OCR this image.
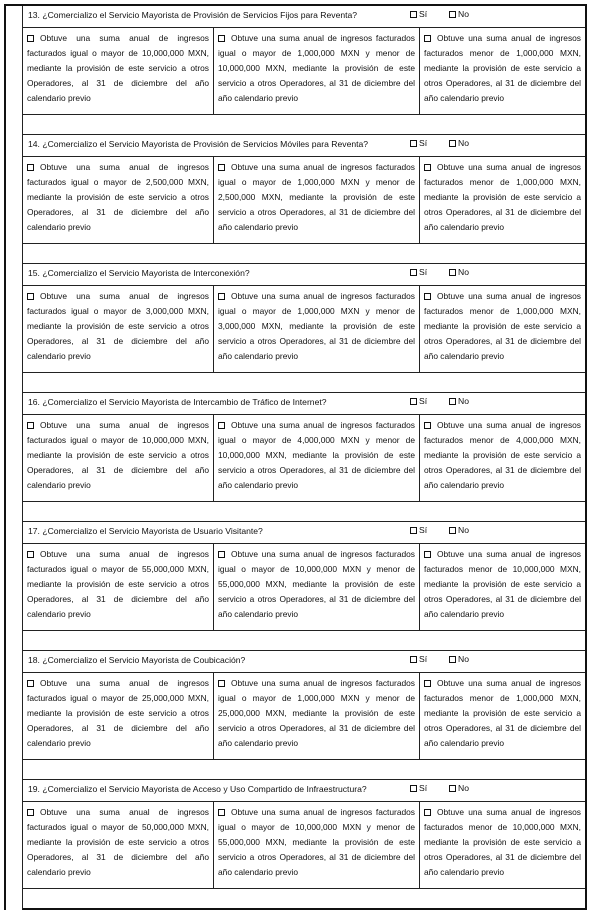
13. ¿Comercializo el Servicio Mayorista de Provisión de Servicios Fijos para Reventa?	Sí	No
Obtuve una suma anual de ingresos facturados igual o mayor de 10,000,000 MXN, mediante la provisión de este servicio a otros Operadores, al 31 de diciembre del año calendario previo
Obtuve una suma anual de ingresos facturados igual o mayor de 1,000,000 MXN y menor de 10,000,000 MXN, mediante la provisión de este servicio a otros Operadores, al 31 de diciembre del año calendario previo
Obtuve una suma anual de ingresos facturados menor de 1,000,000 MXN, mediante la provisión de este servicio a otros Operadores, al 31 de diciembre del año calendario previo
14. ¿Comercializo el Servicio Mayorista de Provisión de Servicios Móviles para Reventa?	Sí	No
Obtuve una suma anual de ingresos facturados igual o mayor de 2,500,000 MXN, mediante la provisión de este servicio a otros Operadores, al 31 de diciembre del año calendario previo
Obtuve una suma anual de ingresos facturados igual o mayor de 1,000,000 MXN y menor de 2,500,000 MXN, mediante la provisión de este servicio a otros Operadores, al 31 de diciembre del año calendario previo
Obtuve una suma anual de ingresos facturados menor de 1,000,000 MXN, mediante la provisión de este servicio a otros Operadores, al 31 de diciembre del año calendario previo
15. ¿Comercializo el Servicio Mayorista de Interconexión?	Sí	No
Obtuve una suma anual de ingresos facturados igual o mayor de 3,000,000 MXN, mediante la provisión de este servicio a otros Operadores, al 31 de diciembre del año calendario previo
Obtuve una suma anual de ingresos facturados igual o mayor de 1,000,000 MXN y menor de 3,000,000 MXN, mediante la provisión de este servicio a otros Operadores, al 31 de diciembre del año calendario previo
Obtuve una suma anual de ingresos facturados menor de 1,000,000 MXN, mediante la provisión de este servicio a otros Operadores, al 31 de diciembre del año calendario previo
16. ¿Comercializo el Servicio Mayorista de Intercambio de Tráfico de Internet?	Sí	No
Obtuve una suma anual de ingresos facturados igual o mayor de 10,000,000 MXN, mediante la provisión de este servicio a otros Operadores, al 31 de diciembre del año calendario previo
Obtuve una suma anual de ingresos facturados igual o mayor de 4,000,000 MXN y menor de 10,000,000 MXN, mediante la provisión de este servicio a otros Operadores, al 31 de diciembre del año calendario previo
Obtuve una suma anual de ingresos facturados menor de 4,000,000 MXN, mediante la provisión de este servicio a otros Operadores, al 31 de diciembre del año calendario previo
17. ¿Comercializo el Servicio Mayorista de Usuario Visitante?	Sí	No
Obtuve una suma anual de ingresos facturados igual o mayor de 55,000,000 MXN, mediante la provisión de este servicio a otros Operadores, al 31 de diciembre del año calendario previo
Obtuve una suma anual de ingresos facturados igual o mayor de 10,000,000 MXN y menor de 55,000,000 MXN, mediante la provisión de este servicio a otros Operadores, al 31 de diciembre del año calendario previo
Obtuve una suma anual de ingresos facturados menor de 10,000,000 MXN, mediante la provisión de este servicio a otros Operadores, al 31 de diciembre del año calendario previo
18. ¿Comercializo el Servicio Mayorista de Coubicación?	Sí	No
Obtuve una suma anual de ingresos facturados igual o mayor de 25,000,000 MXN, mediante la provisión de este servicio a otros Operadores, al 31 de diciembre del año calendario previo
Obtuve una suma anual de ingresos facturados igual o mayor de 1,000,000 MXN y menor de 25,000,000 MXN, mediante la provisión de este servicio a otros Operadores, al 31 de diciembre del año calendario previo
Obtuve una suma anual de ingresos facturados menor de 1,000,000 MXN, mediante la provisión de este servicio a otros Operadores, al 31 de diciembre del año calendario previo
19. ¿Comercializo el Servicio Mayorista de Acceso y Uso Compartido de Infraestructura?	Sí	No
Obtuve una suma anual de ingresos facturados igual o mayor de 50,000,000 MXN, mediante la provisión de este servicio a otros Operadores, al 31 de diciembre del año calendario previo
Obtuve una suma anual de ingresos facturados igual o mayor de 10,000,000 MXN y menor de 55,000,000 MXN, mediante la provisión de este servicio a otros Operadores, al 31 de diciembre del año calendario previo
Obtuve una suma anual de ingresos facturados menor de 10,000,000 MXN, mediante la provisión de este servicio a otros Operadores, al 31 de diciembre del año calendario previo
